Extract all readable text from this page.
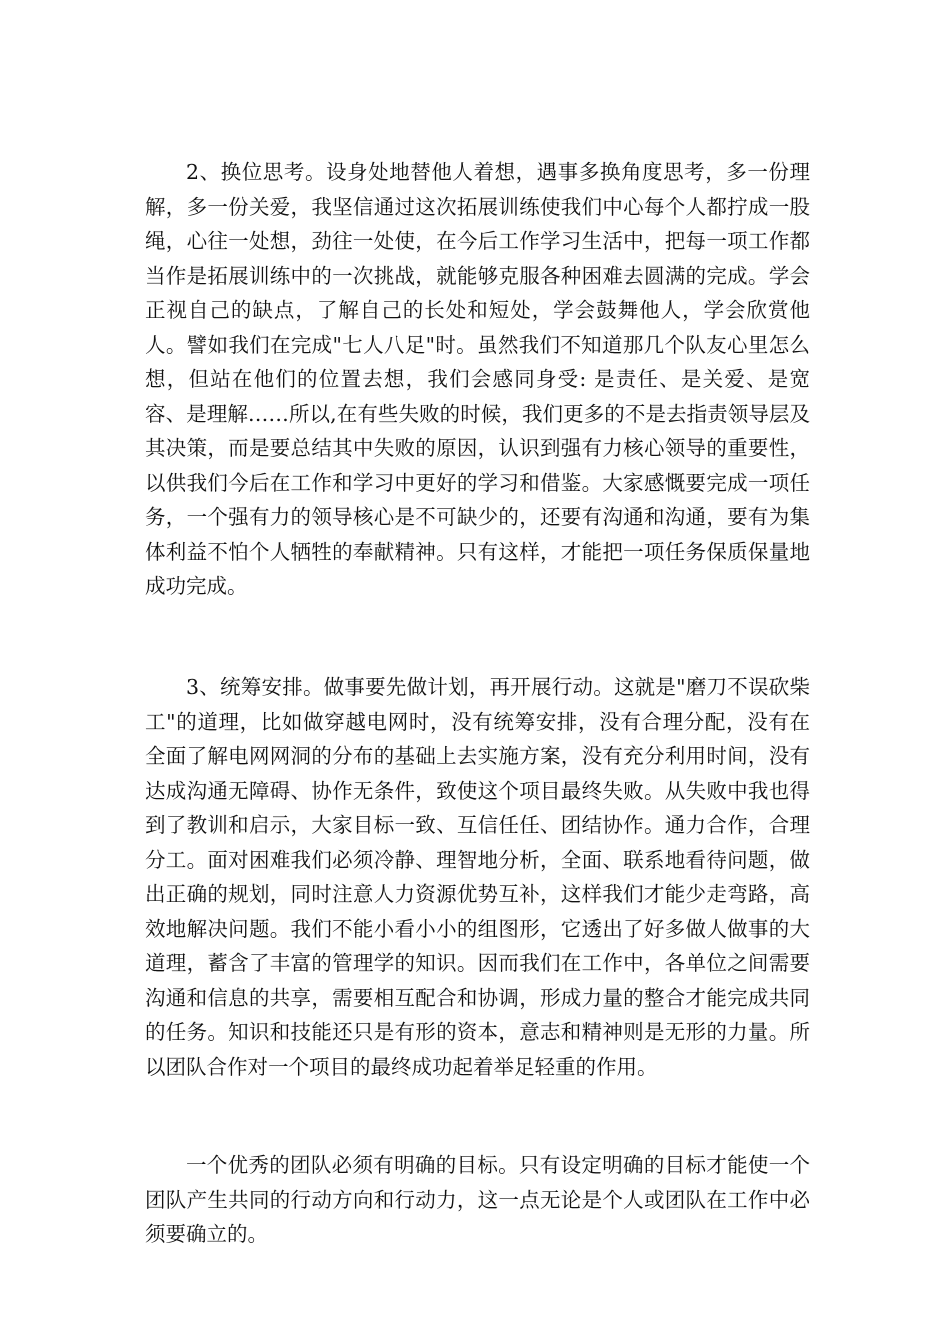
2、换位思考。设身处地替他人着想，遇事多换角度思考，多一份理解，多一份关爱，我坚信通过这次拓展训练使我们中心每个人都拧成一股绳，心往一处想，劲往一处使，在今后工作学习生活中，把每一项工作都当作是拓展训练中的一次挑战，就能够克服各种困难去圆满的完成。学会正视自己的缺点，了解自己的长处和短处，学会鼓舞他人，学会欣赏他人。譬如我们在完成"七人八足"时。虽然我们不知道那几个队友心里怎么想，但站在他们的位置去想，我们会感同身受: 是责任、是关爱、是宽容、是理解……所以,在有些失败的时候，我们更多的不是去指责领导层及其决策，而是要总结其中失败的原因，认识到强有力核心领导的重要性，以供我们今后在工作和学习中更好的学习和借鉴。大家感慨要完成一项任务，一个强有力的领导核心是不可缺少的，还要有沟通和沟通，要有为集体利益不怕个人牺牲的奉献精神。只有这样，才能把一项任务保质保量地成功完成。

3、统筹安排。做事要先做计划，再开展行动。这就是"磨刀不误砍柴工"的道理，比如做穿越电网时，没有统筹安排，没有合理分配，没有在全面了解电网网洞的分布的基础上去实施方案，没有充分利用时间，没有达成沟通无障碍、协作无条件，致使这个项目最终失败。从失败中我也得到了教训和启示，大家目标一致、互信任任、团结协作。通力合作，合理分工。面对困难我们必须冷静、理智地分析，全面、联系地看待问题，做出正确的规划，同时注意人力资源优势互补，这样我们才能少走弯路，高效地解决问题。我们不能小看小小的组图形，它透出了好多做人做事的大道理，蓄含了丰富的管理学的知识。因而我们在工作中，各单位之间需要沟通和信息的共享，需要相互配合和协调，形成力量的整合才能完成共同的任务。知识和技能还只是有形的资本，意志和精神则是无形的力量。所以团队合作对一个项目的最终成功起着举足轻重的作用。

一个优秀的团队必须有明确的目标。只有设定明确的目标才能使一个团队产生共同的行动方向和行动力，这一点无论是个人或团队在工作中必须要确立的。
